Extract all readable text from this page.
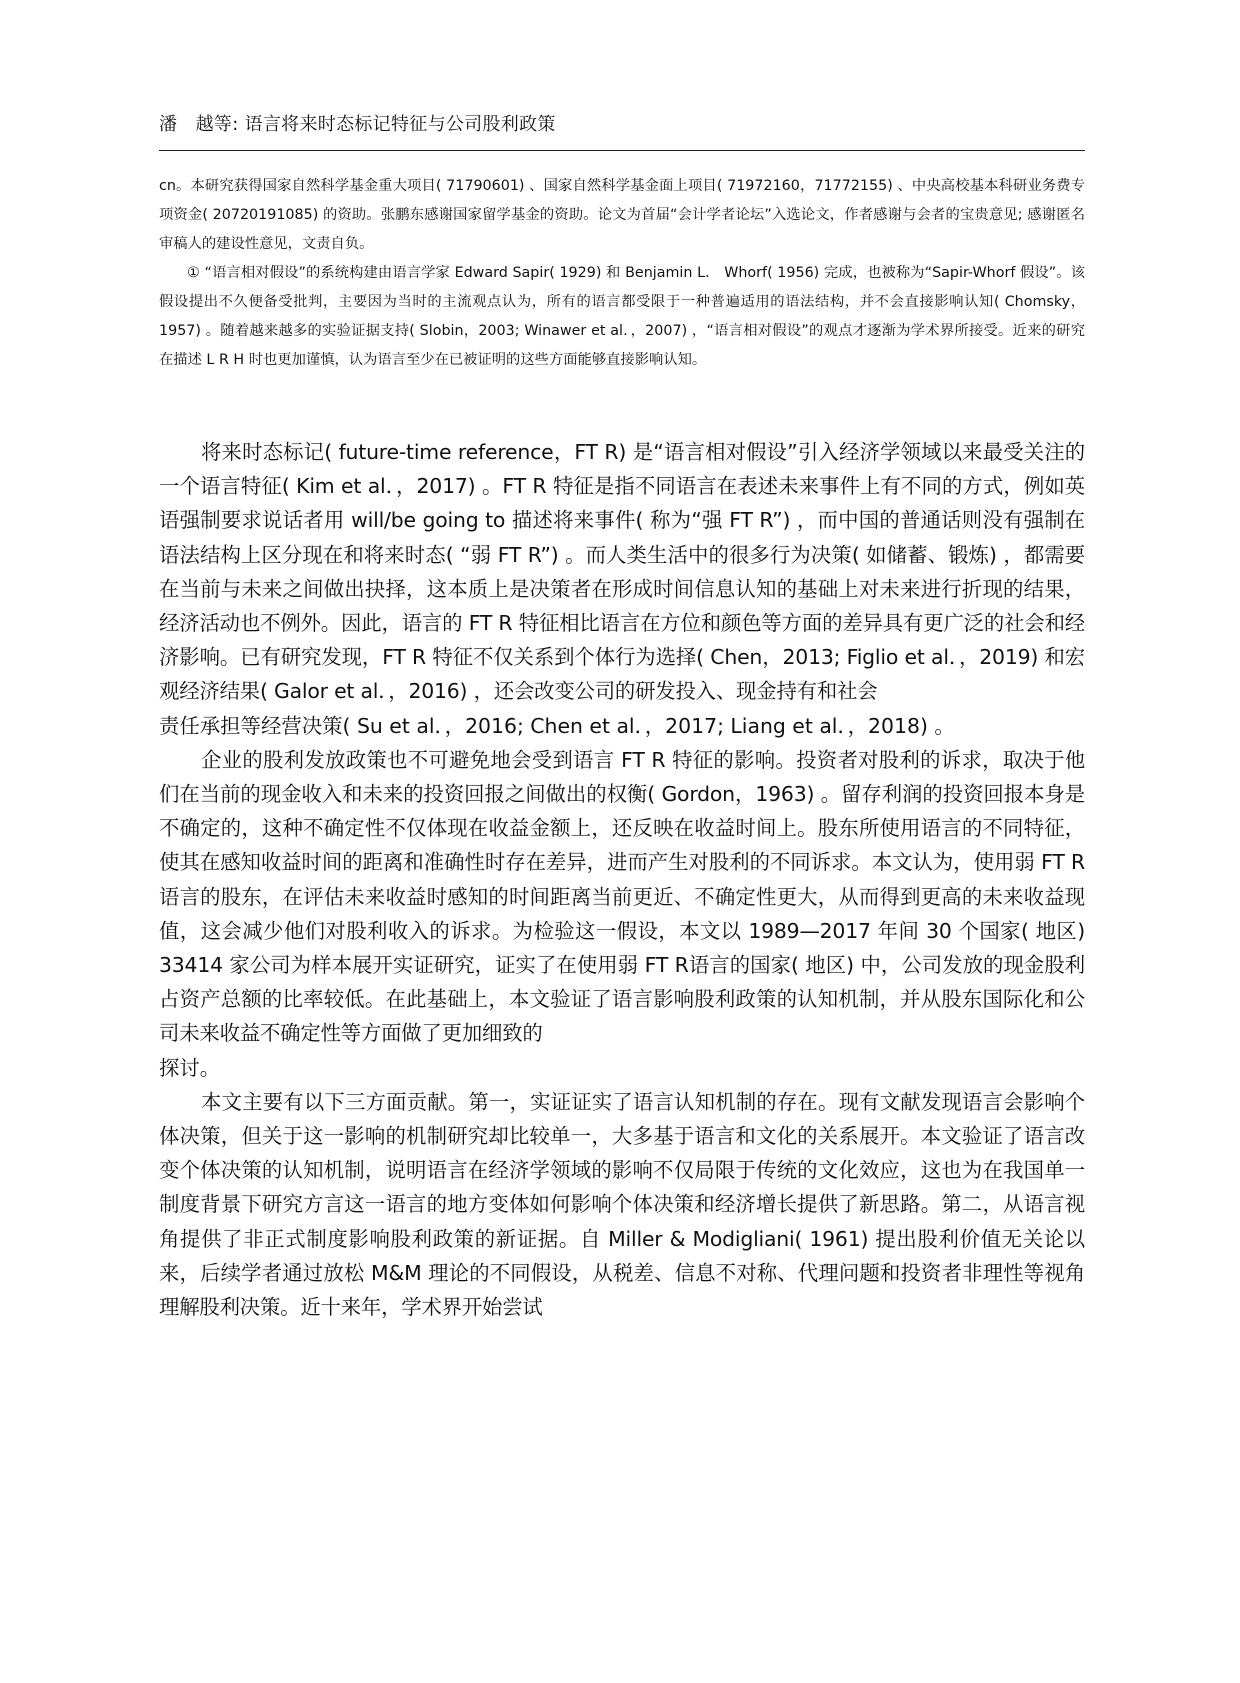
潘　越等: 语言将来时态标记特征与公司股利政策

cn。本研究获得国家自然科学基金重大项目( 71790601) 、国家自然科学基金面上项目( 71972160，71772155) 、中央高校基本科研业务费专项资金( 20720191085) 的资助。张鹏东感谢国家留学基金的资助。论文为首届“会计学者论坛”入选论文，作者感谢与会者的宝贵意见; 感谢匿名审稿人的建设性意见，文责自负。

① “语言相对假设”的系统构建由语言学家 Edward Sapir( 1929) 和 Benjamin L． Whorf( 1956) 完成，也被称为“Sapir-Whorf 假设”。该假设提出不久便备受批判，主要因为当时的主流观点认为，所有的语言都受限于一种普遍适用的语法结构，并不会直接影响认知( Chomsky，1957) 。随着越来越多的实验证据支持( Slobin，2003; Winawer et al．，2007) ，“语言相对假设”的观点才逐渐为学术界所接受。近来的研究在描述 L R H 时也更加谨慎，认为语言至少在已被证明的这些方面能够直接影响认知。

将来时态标记( future-time reference，FT R) 是“语言相对假设”引入经济学领域以来最受关注的一个语言特征( Kim et al．，2017) 。FT R 特征是指不同语言在表述未来事件上有不同的方式，例如英语强制要求说话者用 will/be going to 描述将来事件( 称为“强 FT R”) ，而中国的普通话则没有强制在语法结构上区分现在和将来时态( “弱 FT R”) 。而人类生活中的很多行为决策( 如储蓄、锻炼) ，都需要在当前与未来之间做出抉择，这本质上是决策者在形成时间信息认知的基础上对未来进行折现的结果，经济活动也不例外。因此，语言的 FT R 特征相比语言在方位和颜色等方面的差异具有更广泛的社会和经济影响。已有研究发现，FT R 特征不仅关系到个体行为选择( Chen，2013; Figlio et al．，2019) 和宏观经济结果( Galor et al．，2016) ，还会改变公司的研发投入、现金持有和社会

责任承担等经营决策( Su et al．，2016; Chen et al．，2017; Liang et al．，2018) 。

企业的股利发放政策也不可避免地会受到语言 FT R 特征的影响。投资者对股利的诉求，取决于他们在当前的现金收入和未来的投资回报之间做出的权衡( Gordon，1963) 。留存利润的投资回报本身是不确定的，这种不确定性不仅体现在收益金额上，还反映在收益时间上。股东所使用语言的不同特征，使其在感知收益时间的距离和准确性时存在差异，进而产生对股利的不同诉求。本文认为，使用弱 FT R 语言的股东，在评估未来收益时感知的时间距离当前更近、不确定性更大，从而得到更高的未来收益现值，这会减少他们对股利收入的诉求。为检验这一假设，本文以 1989—2017 年间 30 个国家( 地区) 33414 家公司为样本展开实证研究，证实了在使用弱 FT R语言的国家( 地区) 中，公司发放的现金股利占资产总额的比率较低。在此基础上，本文验证了语言影响股利政策的认知机制，并从股东国际化和公司未来收益不确定性等方面做了更加细致的

探讨。

本文主要有以下三方面贡献。第一，实证证实了语言认知机制的存在。现有文献发现语言会影响个体决策，但关于这一影响的机制研究却比较单一，大多基于语言和文化的关系展开。本文验证了语言改变个体决策的认知机制，说明语言在经济学领域的影响不仅局限于传统的文化效应，这也为在我国单一制度背景下研究方言这一语言的地方变体如何影响个体决策和经济增长提供了新思路。第二，从语言视角提供了非正式制度影响股利政策的新证据。自 Miller & Modigliani( 1961) 提出股利价值无关论以来，后续学者通过放松 M&M 理论的不同假设，从税差、信息不对称、代理问题和投资者非理性等视角理解股利决策。近十来年，学术界开始尝试
